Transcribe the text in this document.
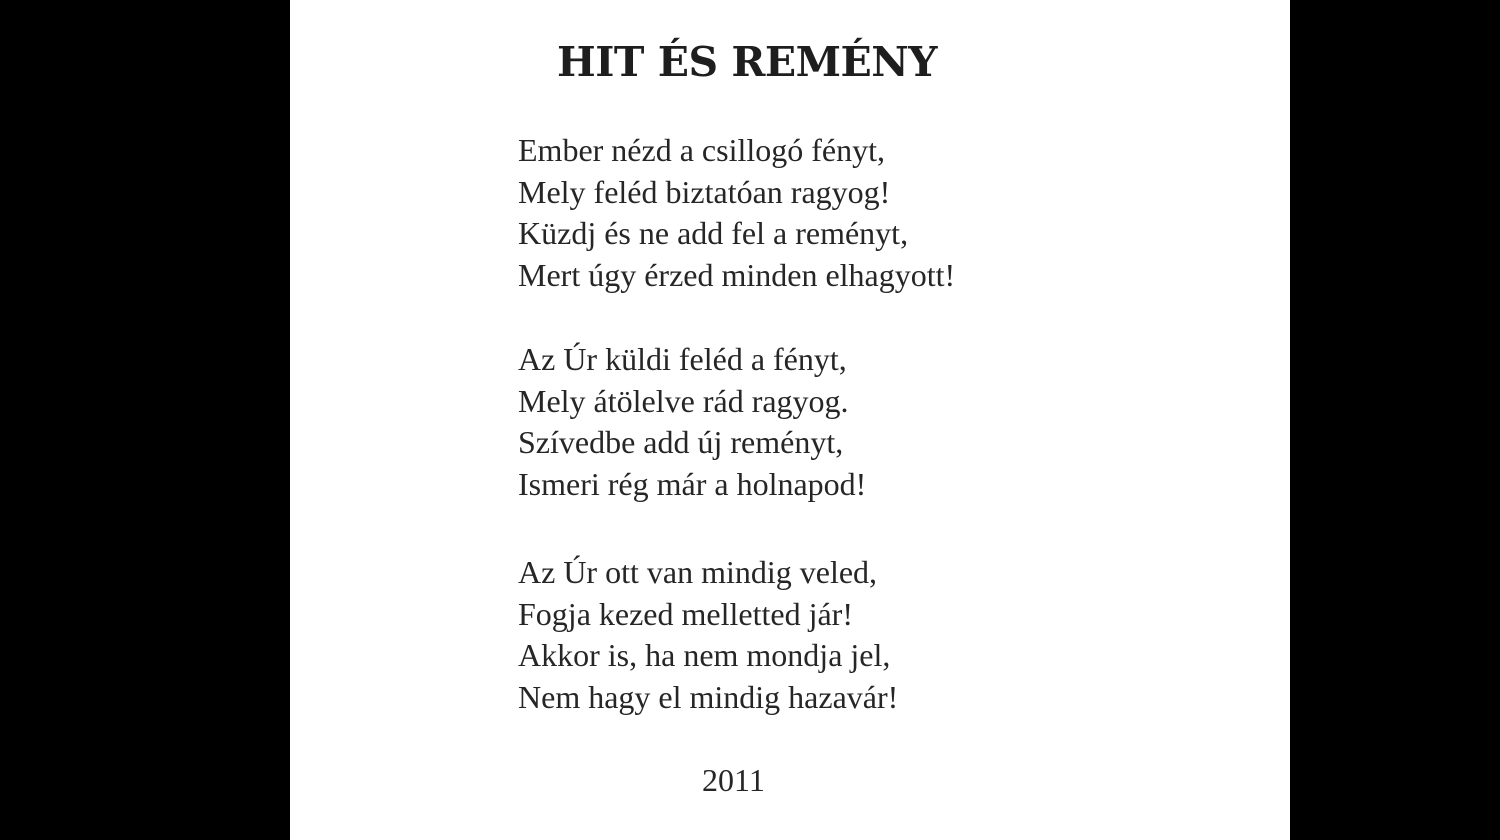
HIT ÉS REMÉNY
Ember nézd a csillogó fényt,
Mely feléd biztatóan ragyog!
Küzdj és ne add fel a reményt,
Mert úgy érzed minden elhagyott!
Az Úr küldi feléd a fényt,
Mely átölelve rád ragyog.
Szívedbe add új reményt,
Ismeri rég már a holnapod!
Az Úr ott van mindig veled,
Fogja kezed melletted jár!
Akkor is, ha nem mondja jel,
Nem hagy el mindig hazavár!
2011
